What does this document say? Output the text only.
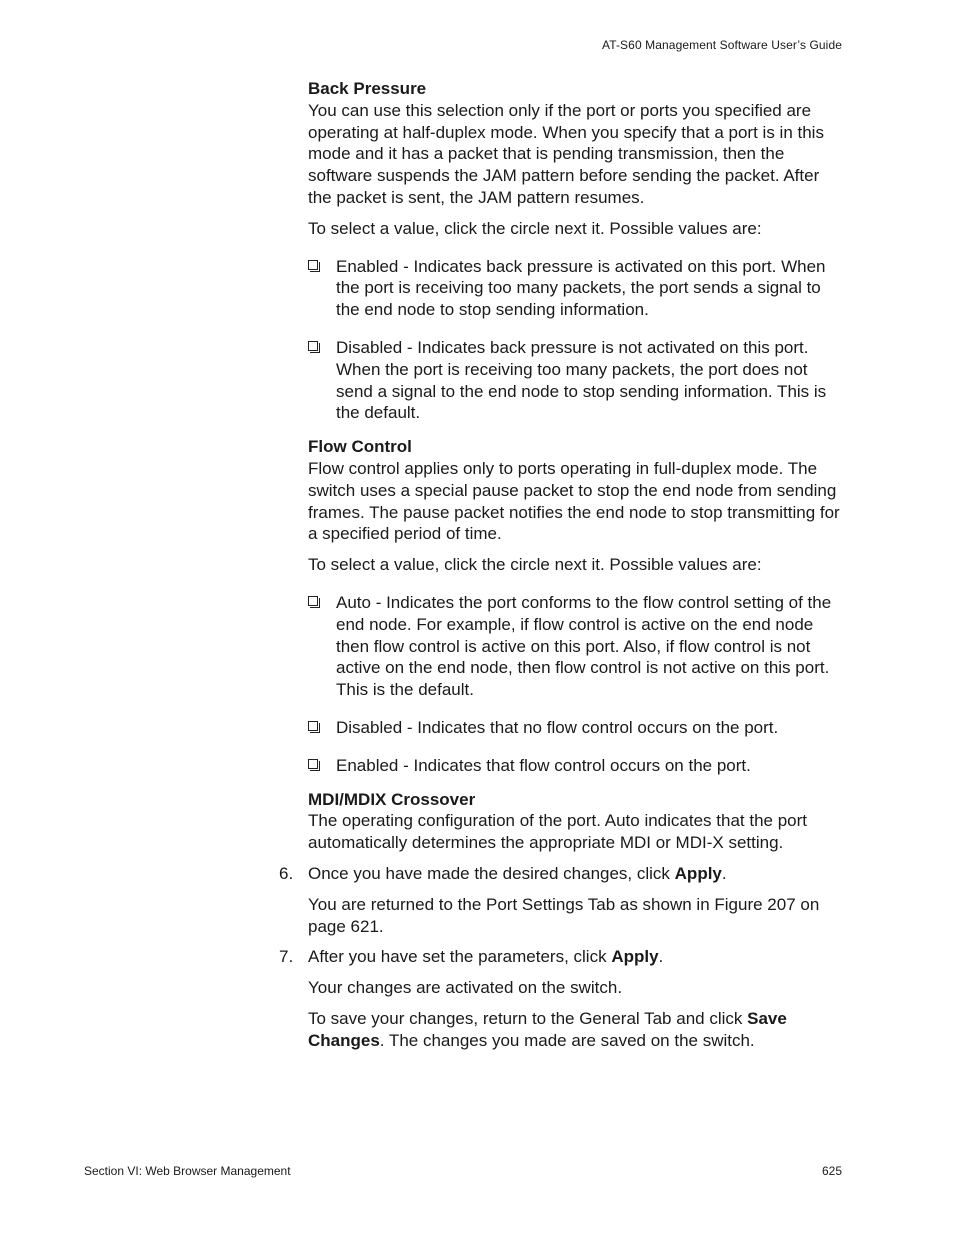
AT-S60 Management Software User’s Guide
Back Pressure
You can use this selection only if the port or ports you specified are operating at half-duplex mode. When you specify that a port is in this mode and it has a packet that is pending transmission, then the software suspends the JAM pattern before sending the packet. After the packet is sent, the JAM pattern resumes.
To select a value, click the circle next it. Possible values are:
Enabled - Indicates back pressure is activated on this port. When the port is receiving too many packets, the port sends a signal to the end node to stop sending information.
Disabled - Indicates back pressure is not activated on this port. When the port is receiving too many packets, the port does not send a signal to the end node to stop sending information. This is the default.
Flow Control
Flow control applies only to ports operating in full-duplex mode. The switch uses a special pause packet to stop the end node from sending frames. The pause packet notifies the end node to stop transmitting for a specified period of time.
To select a value, click the circle next it. Possible values are:
Auto - Indicates the port conforms to the flow control setting of the end node. For example, if flow control is active on the end node then flow control is active on this port. Also, if flow control is not active on the end node, then flow control is not active on this port. This is the default.
Disabled - Indicates that no flow control occurs on the port.
Enabled - Indicates that flow control occurs on the port.
MDI/MDIX Crossover
The operating configuration of the port. Auto indicates that the port automatically determines the appropriate MDI or MDI-X setting.
6. Once you have made the desired changes, click Apply.
You are returned to the Port Settings Tab as shown in Figure 207 on page 621.
7. After you have set the parameters, click Apply.
Your changes are activated on the switch.
To save your changes, return to the General Tab and click Save Changes. The changes you made are saved on the switch.
Section VI: Web Browser Management	625
